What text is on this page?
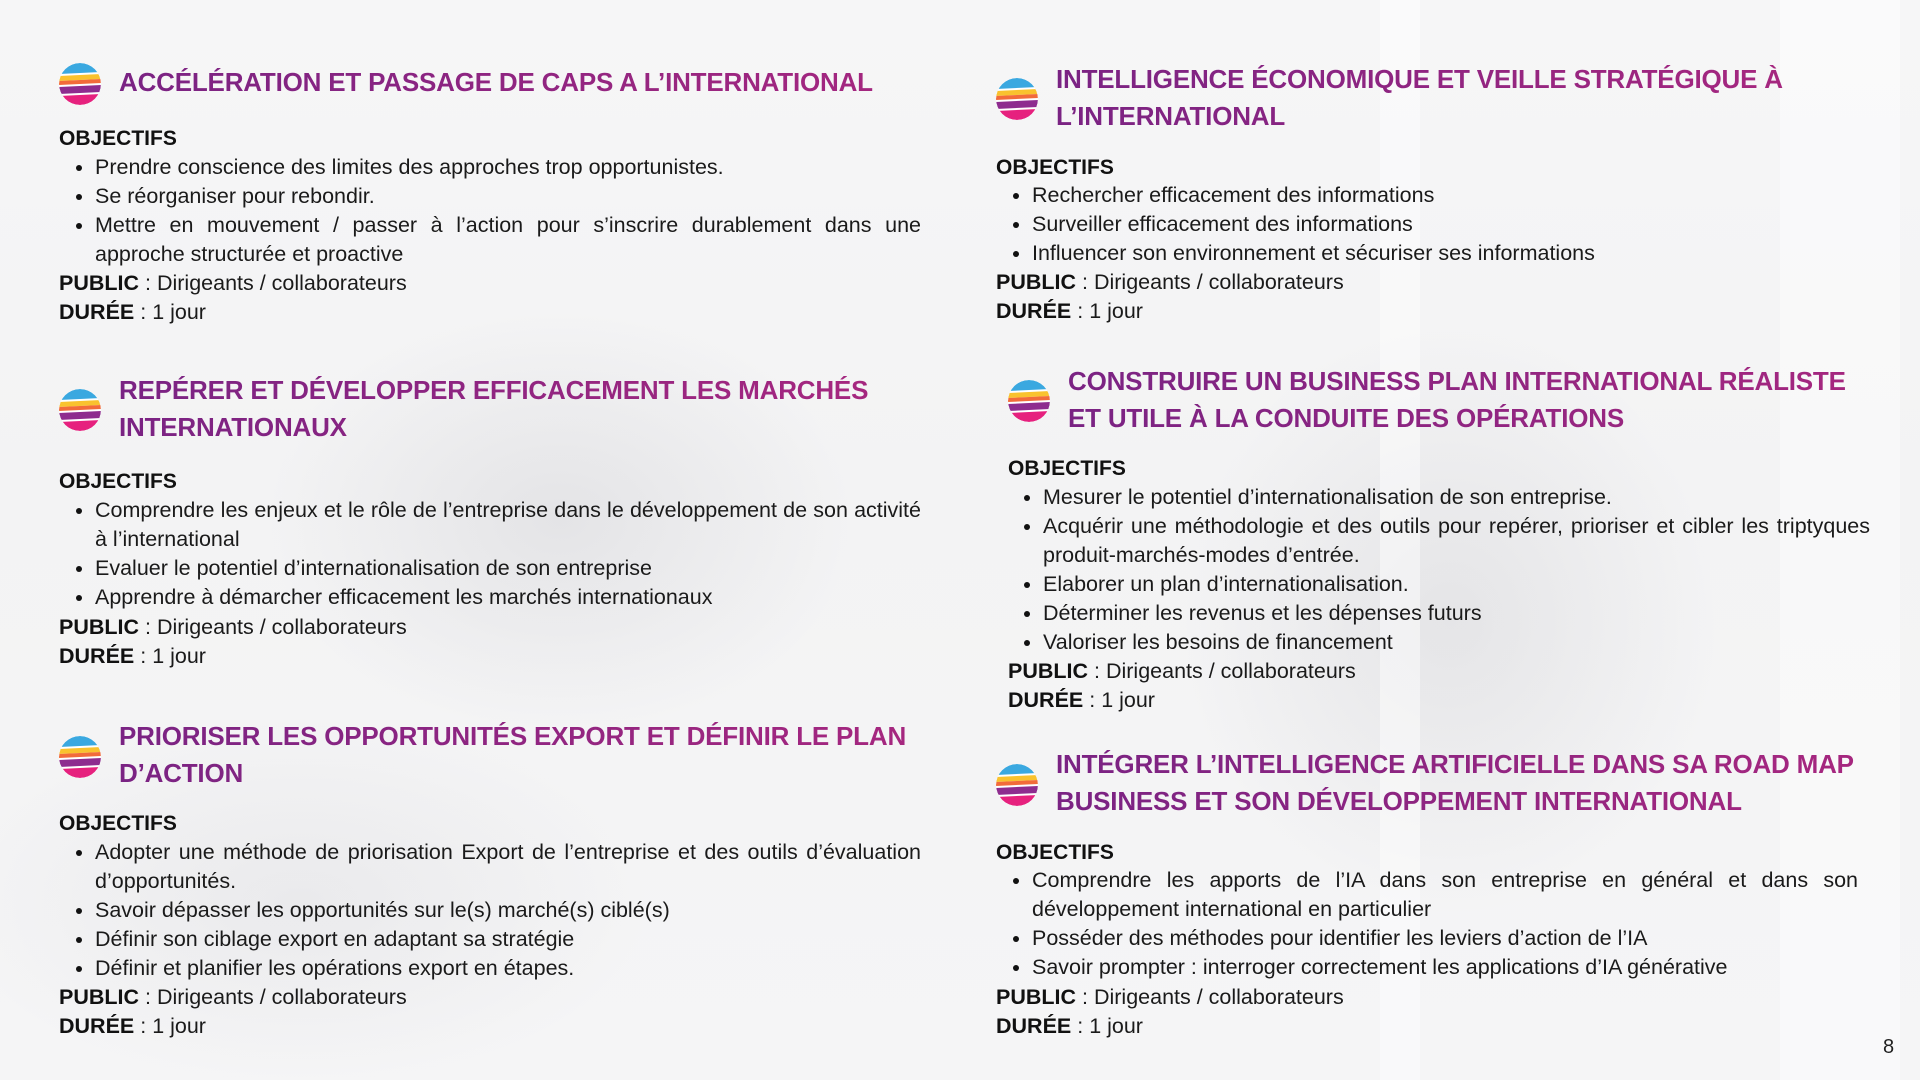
ACCÉLÉRATION ET PASSAGE DE CAPS A L’INTERNATIONAL
OBJECTIFS
Prendre conscience des limites des approches trop opportunistes.
Se réorganiser pour rebondir.
Mettre en mouvement / passer à l’action pour s’inscrire durablement dans une approche structurée et proactive
PUBLIC : Dirigeants / collaborateurs
DURÉE : 1 jour
REPÉRER ET DÉVELOPPER EFFICACEMENT LES MARCHÉS INTERNATIONAUX
OBJECTIFS
Comprendre les enjeux et le rôle de l’entreprise dans le développement de son activité à l’international
Evaluer le potentiel d’internationalisation de son entreprise
Apprendre à démarcher efficacement les marchés internationaux
PUBLIC : Dirigeants / collaborateurs
DURÉE : 1 jour
PRIORISER LES OPPORTUNITÉS EXPORT ET DÉFINIR LE PLAN D’ACTION
OBJECTIFS
Adopter une méthode de priorisation Export de l’entreprise et des outils d’évaluation d’opportunités.
Savoir dépasser les opportunités sur le(s) marché(s) ciblé(s)
Définir son ciblage export en adaptant sa stratégie
Définir et planifier les opérations export en étapes.
PUBLIC : Dirigeants / collaborateurs
DURÉE : 1 jour
INTELLIGENCE ÉCONOMIQUE ET VEILLE STRATÉGIQUE À L’INTERNATIONAL
OBJECTIFS
Rechercher efficacement des informations
Surveiller efficacement des informations
Influencer son environnement et sécuriser ses informations
PUBLIC : Dirigeants / collaborateurs
DURÉE : 1 jour
CONSTRUIRE UN BUSINESS PLAN INTERNATIONAL RÉALISTE ET UTILE À LA CONDUITE DES OPÉRATIONS
OBJECTIFS
Mesurer le potentiel d’internationalisation de son entreprise.
Acquérir une méthodologie et des outils pour repérer, prioriser et cibler les triptyques produit-marchés-modes d’entrée.
Elaborer un plan d’internationalisation.
Déterminer les revenus et les dépenses futurs
Valoriser les besoins de financement
PUBLIC : Dirigeants / collaborateurs
DURÉE : 1 jour
INTÉGRER L’INTELLIGENCE ARTIFICIELLE DANS SA ROAD MAP BUSINESS ET SON DÉVELOPPEMENT INTERNATIONAL
OBJECTIFS
Comprendre les apports de l’IA dans son entreprise en général et dans son développement international en particulier
Posséder des méthodes pour identifier les leviers d’action de l’IA
Savoir prompter : interroger correctement les applications d’IA générative
PUBLIC : Dirigeants / collaborateurs
DURÉE : 1 jour
8
